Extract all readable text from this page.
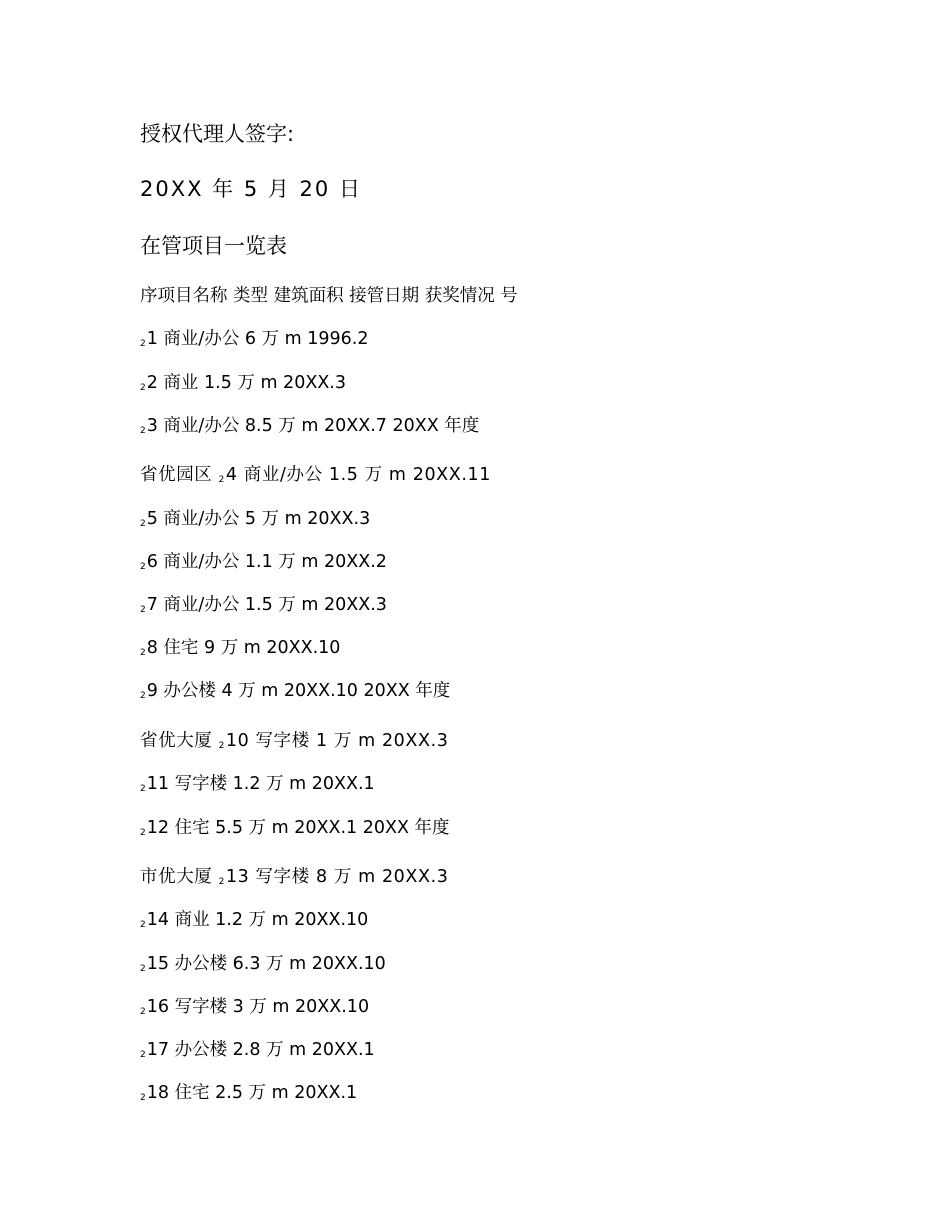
授权代理人签字:
20XX 年 5 月 20 日
在管项目一览表
序项目名称 类型 建筑面积 接管日期 获奖情况 号
21 商业/办公 6 万 m 1996.2
22 商业 1.5 万 m 20XX.3
23 商业/办公 8.5 万 m 20XX.7 20XX 年度
省优园区 24 商业/办公 1.5 万 m 20XX.11
25 商业/办公 5 万 m 20XX.3
26 商业/办公 1.1 万 m 20XX.2
27 商业/办公 1.5 万 m 20XX.3
28 住宅 9 万 m 20XX.10
29 办公楼 4 万 m 20XX.10 20XX 年度
省优大厦 210 写字楼 1 万 m 20XX.3
211 写字楼 1.2 万 m 20XX.1
212 住宅 5.5 万 m 20XX.1 20XX 年度
市优大厦 213 写字楼 8 万 m 20XX.3
214 商业 1.2 万 m 20XX.10
215 办公楼 6.3 万 m 20XX.10
216 写字楼 3 万 m 20XX.10
217 办公楼 2.8 万 m 20XX.1
218 住宅 2.5 万 m 20XX.1
